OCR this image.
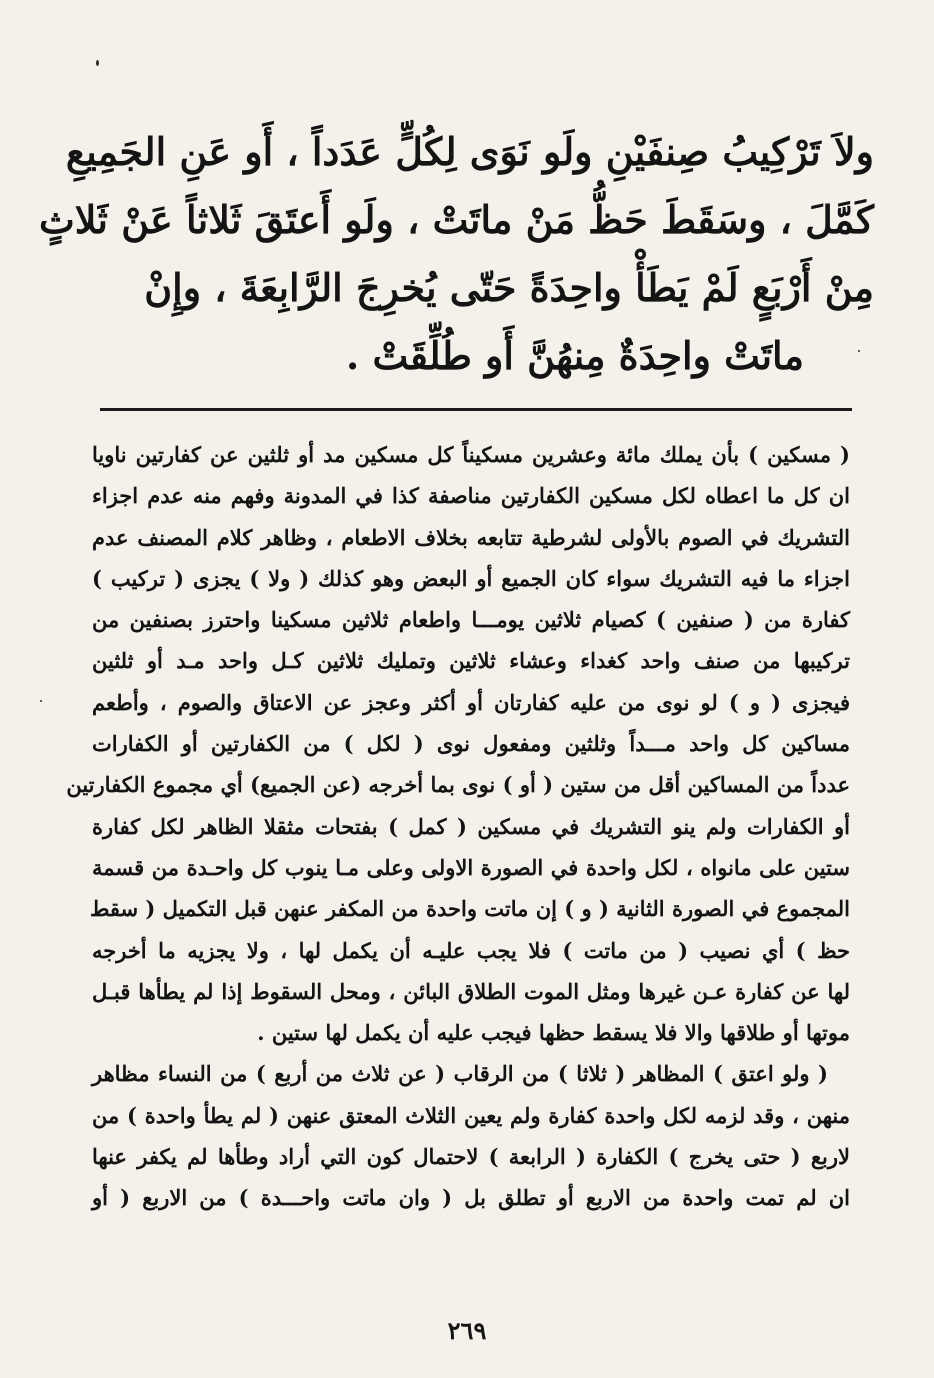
ولاَ تَرْكِيبُ صِنفَيْنِ ولَو نَوَى لِكُلٍّ عَدَداً ، أَو عَنِ الجَمِيعِ
كَمَّلَ ، وسَقَطَ حَظُّ مَنْ ماتَتْ ، ولَو أَعتَقَ ثَلاثاً عَنْ ثَلاثٍ
مِنْ أَرْبَعٍ لَمْ يَطَأْ واحِدَةً حَتّى يُخرِجَ الرَّابِعَةَ ، وإِنْ
ماتَتْ واحِدَةٌ مِنهُنَّ أَو طُلِّقَتْ .
( مسكين ) بأن يملك مائة وعشرين مسكيناً كل مسكين مد أو ثلثين عن كفارتين ناويا
ان كل ما اعطاه لكل مسكين الكفارتين مناصفة كذا في المدونة وفهم منه عدم اجزاء
التشريك في الصوم بالأولى لشرطية تتابعه بخلاف الاطعام ، وظاهر كلام المصنف عدم
اجزاء ما فيه التشريك سواء كان الجميع أو البعض وهو كذلك ( ولا ) يجزى ( تركيب )
كفارة من ( صنفين ) كصيام ثلاثين يومـــا واطعام ثلاثين مسكينا واحترز بصنفين من
تركيبها من صنف واحد كغداء وعشاء ثلاثين وتمليك ثلاثين كـل واحد مـد أو ثلثين
فيجزى ( و ) لو نوى من عليه كفارتان أو أكثر وعجز عن الاعتاق والصوم ، وأطعم
مساكين كل واحد مـــداً وثلثين ومفعول نوى ( لكل ) من الكفارتين أو الكفارات
عدداً من المساكين أقل من ستين ( أو ) نوى بما أخرجه (عن الجميع) أي مجموع الكفارتين
أو الكفارات ولم ينو التشريك في مسكين ( كمل ) بفتحات مثقلا الظاهر لكل كفارة
ستين على مانواه ، لكل واحدة في الصورة الاولى وعلى مـا ينوب كل واحـدة من قسمة
المجموع في الصورة الثانية ( و ) إن ماتت واحدة من المكفر عنهن قبل التكميل ( سقط
حظ ) أي نصيب ( من ماتت ) فلا يجب عليـه أن يكمل لها ، ولا يجزيه ما أخرجه
لها عن كفارة عـن غيرها ومثل الموت الطلاق البائن ، ومحل السقوط إذا لم يطأها قبـل
موتها أو طلاقها والا فلا يسقط حظها فيجب عليه أن يكمل لها ستين .
( ولو اعتق ) المظاهر ( ثلاثا ) من الرقاب ( عن ثلاث من أربع ) من النساء مظاهر
منهن ، وقد لزمه لكل واحدة كفارة ولم يعين الثلاث المعتق عنهن ( لم يطأ واحدة ) من
لاربع ( حتى يخرج ) الكفارة ( الرابعة ) لاحتمال كون التي أراد وطأها لم يكفر عنها
ان لم تمت واحدة من الاربع أو تطلق بل ( وان ماتت واحـــدة ) من الاربع ( أو
٢٦٩
